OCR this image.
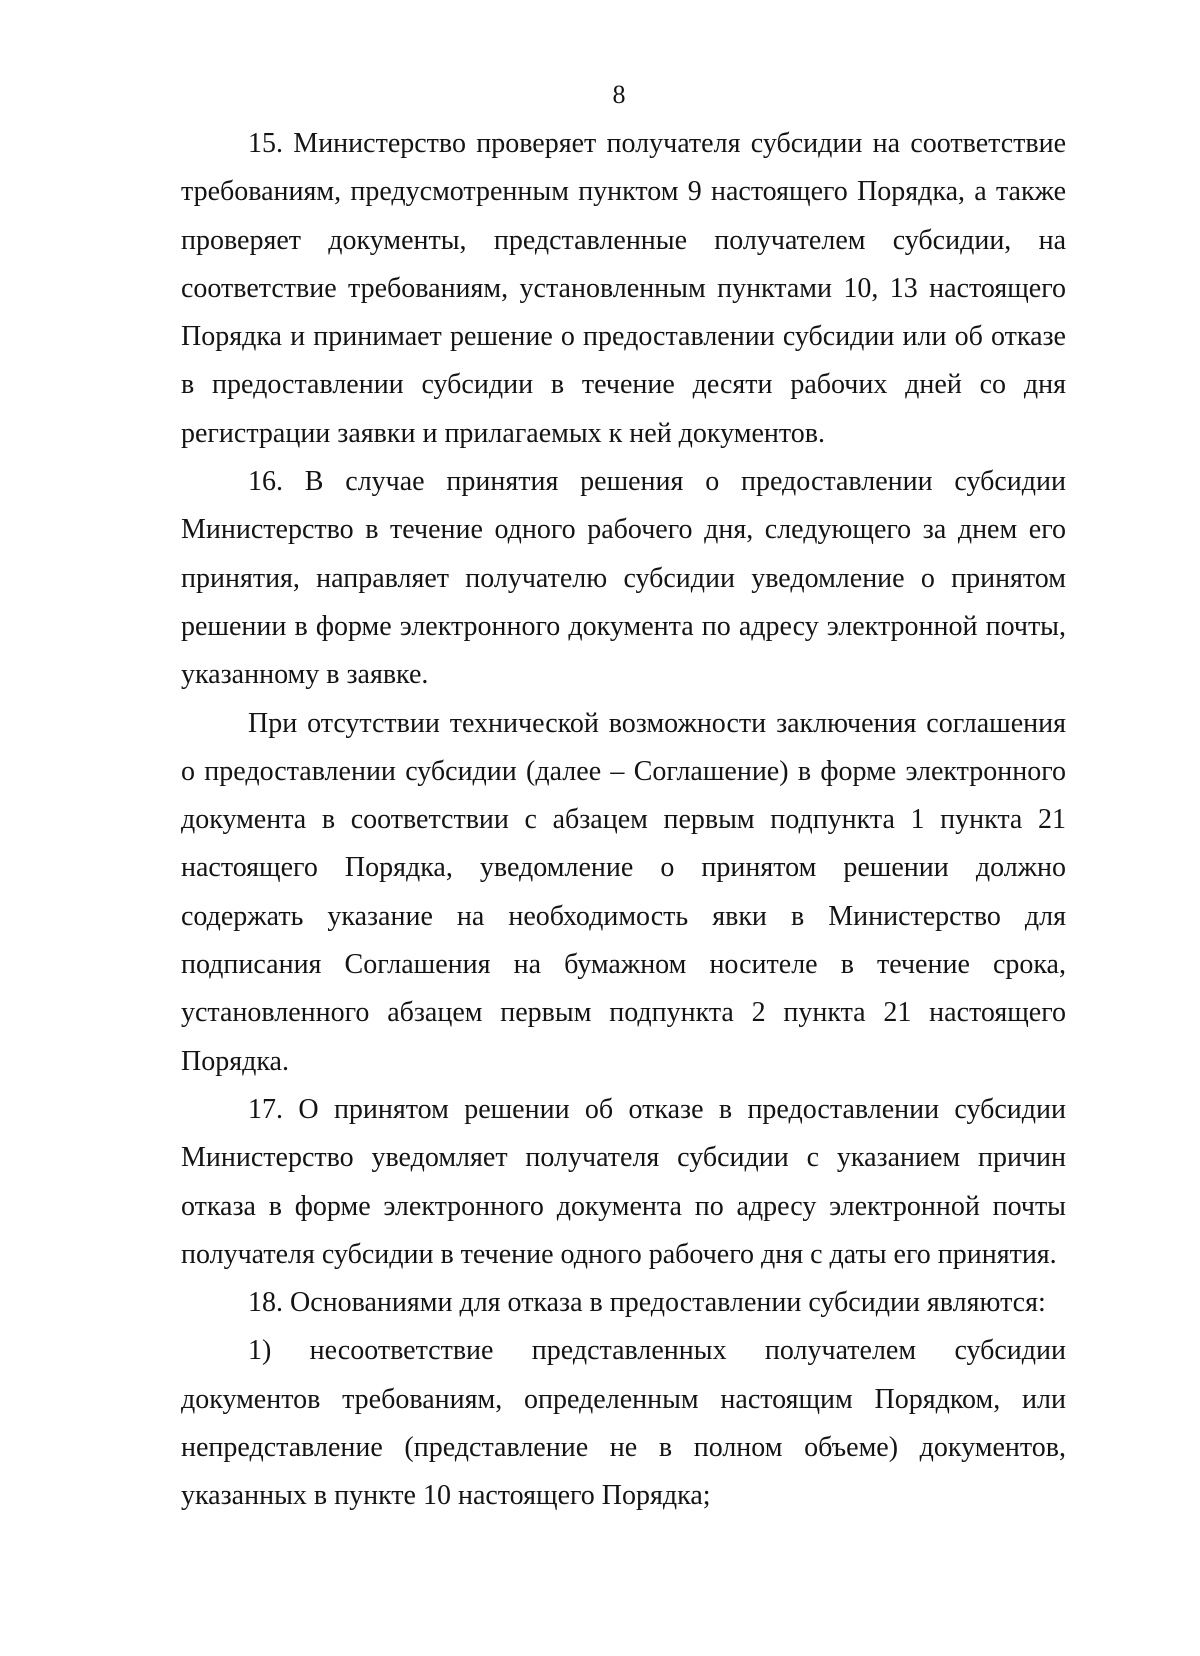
8

15. Министерство проверяет получателя субсидии на соответствие требованиям, предусмотренным пунктом 9 настоящего Порядка, а также проверяет документы, представленные получателем субсидии, на соответствие требованиям, установленным пунктами 10, 13 настоящего Порядка и принимает решение о предоставлении субсидии или об отказе в предоставлении субсидии в течение десяти рабочих дней со дня регистрации заявки и прилагаемых к ней документов.

16. В случае принятия решения о предоставлении субсидии Министерство в течение одного рабочего дня, следующего за днем его принятия, направляет получателю субсидии уведомление о принятом решении в форме электронного документа по адресу электронной почты, указанному в заявке.

При отсутствии технической возможности заключения соглашения о предоставлении субсидии (далее – Соглашение) в форме электронного документа в соответствии с абзацем первым подпункта 1 пункта 21 настоящего Порядка, уведомление о принятом решении должно содержать указание на необходимость явки в Министерство для подписания Соглашения на бумажном носителе в течение срока, установленного абзацем первым подпункта 2 пункта 21 настоящего Порядка.

17. О принятом решении об отказе в предоставлении субсидии Министерство уведомляет получателя субсидии с указанием причин отказа в форме электронного документа по адресу электронной почты получателя субсидии в течение одного рабочего дня с даты его принятия.

18. Основаниями для отказа в предоставлении субсидии являются:

1) несоответствие представленных получателем субсидии документов требованиям, определенным настоящим Порядком, или непредставление (представление не в полном объеме) документов, указанных в пункте 10 настоящего Порядка;
